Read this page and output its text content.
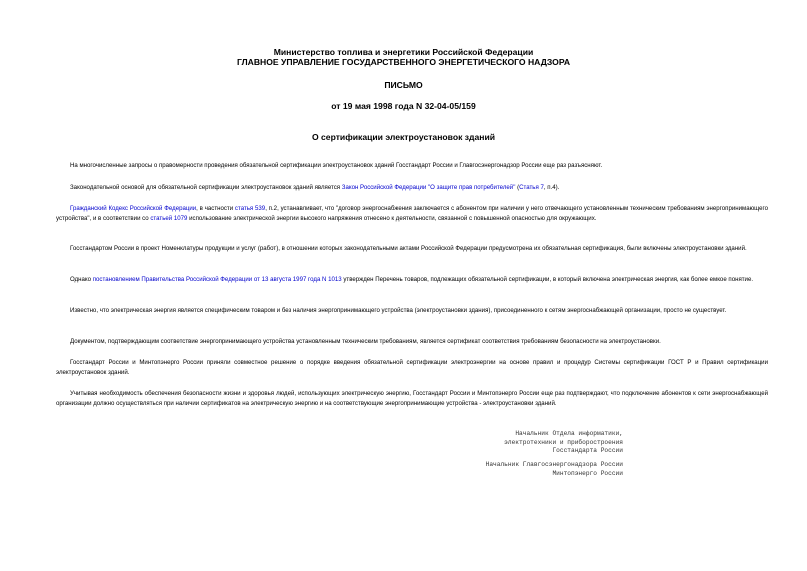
Министерство топлива и энергетики Российской Федерации
ГЛАВНОЕ УПРАВЛЕНИЕ ГОСУДАРСТВЕННОГО ЭНЕРГЕТИЧЕСКОГО НАДЗОРА
ПИСЬМО
от 19 мая 1998 года N 32-04-05/159
О сертификации электроустановок зданий
На многочисленные запросы о правомерности проведения обязательной сертификации электроустановок зданий Госстандарт России и Главгосэнергонадзор России еще раз разъясняют.
Законодательной основой для обязательной сертификации электроустановок зданий является Закон Российской Федерации "О защите прав потребителей" (Статья 7, п.4).
Гражданский Кодекс Российской Федерации, в частности статья 539, п.2, устанавливает, что "договор энергоснабжения заключается с абонентом при наличии у него отвечающего установленным техническим требованиям энергопринимающего устройства", и в соответствии со статьей 1079 использование электрической энергии высокого напряжения отнесено к деятельности, связанной с повышенной опасностью для окружающих.
Госстандартом России в проект Номенклатуры продукции и услуг (работ), в отношении которых законодательными актами Российской Федерации предусмотрена их обязательная сертификация, были включены электроустановки зданий.
Однако постановлением Правительства Российской Федерации от 13 августа 1997 года N 1013 утвержден Перечень товаров, подлежащих обязательной сертификации, в который включена электрическая энергия, как более емкое понятие.
Известно, что электрическая энергия является специфическим товаром и без наличия энергопринимающего устройства (электроустановки здания), присоединенного к сетям энергоснабжающей организации, просто не существует.
Документом, подтверждающим соответствие энергопринимающего устройства установленным техническим требованиям, является сертификат соответствия требованиям безопасности на электроустановки.
Госстандарт России и Минтопэнерго России приняли совместное решение о порядке введения обязательной сертификации электроэнергии на основе правил и процедур Системы сертификации ГОСТ Р и Правил сертификации электроустановок зданий.
Учитывая необходимость обеспечения безопасности жизни и здоровья людей, использующих электрическую энергию, Госстандарт России и Минтопэнерго России еще раз подтверждают, что подключение абонентов к сети энергоснабжающей организации должно осуществляться при наличии сертификатов на электрическую энергию и на соответствующие энергопринимающие устройства - электроустановки зданий.
Начальник Отдела информатики,
электротехники и приборостроения
Госстандарта России
Начальник Главгосэнергонадзора России
Минтопэнерго России
